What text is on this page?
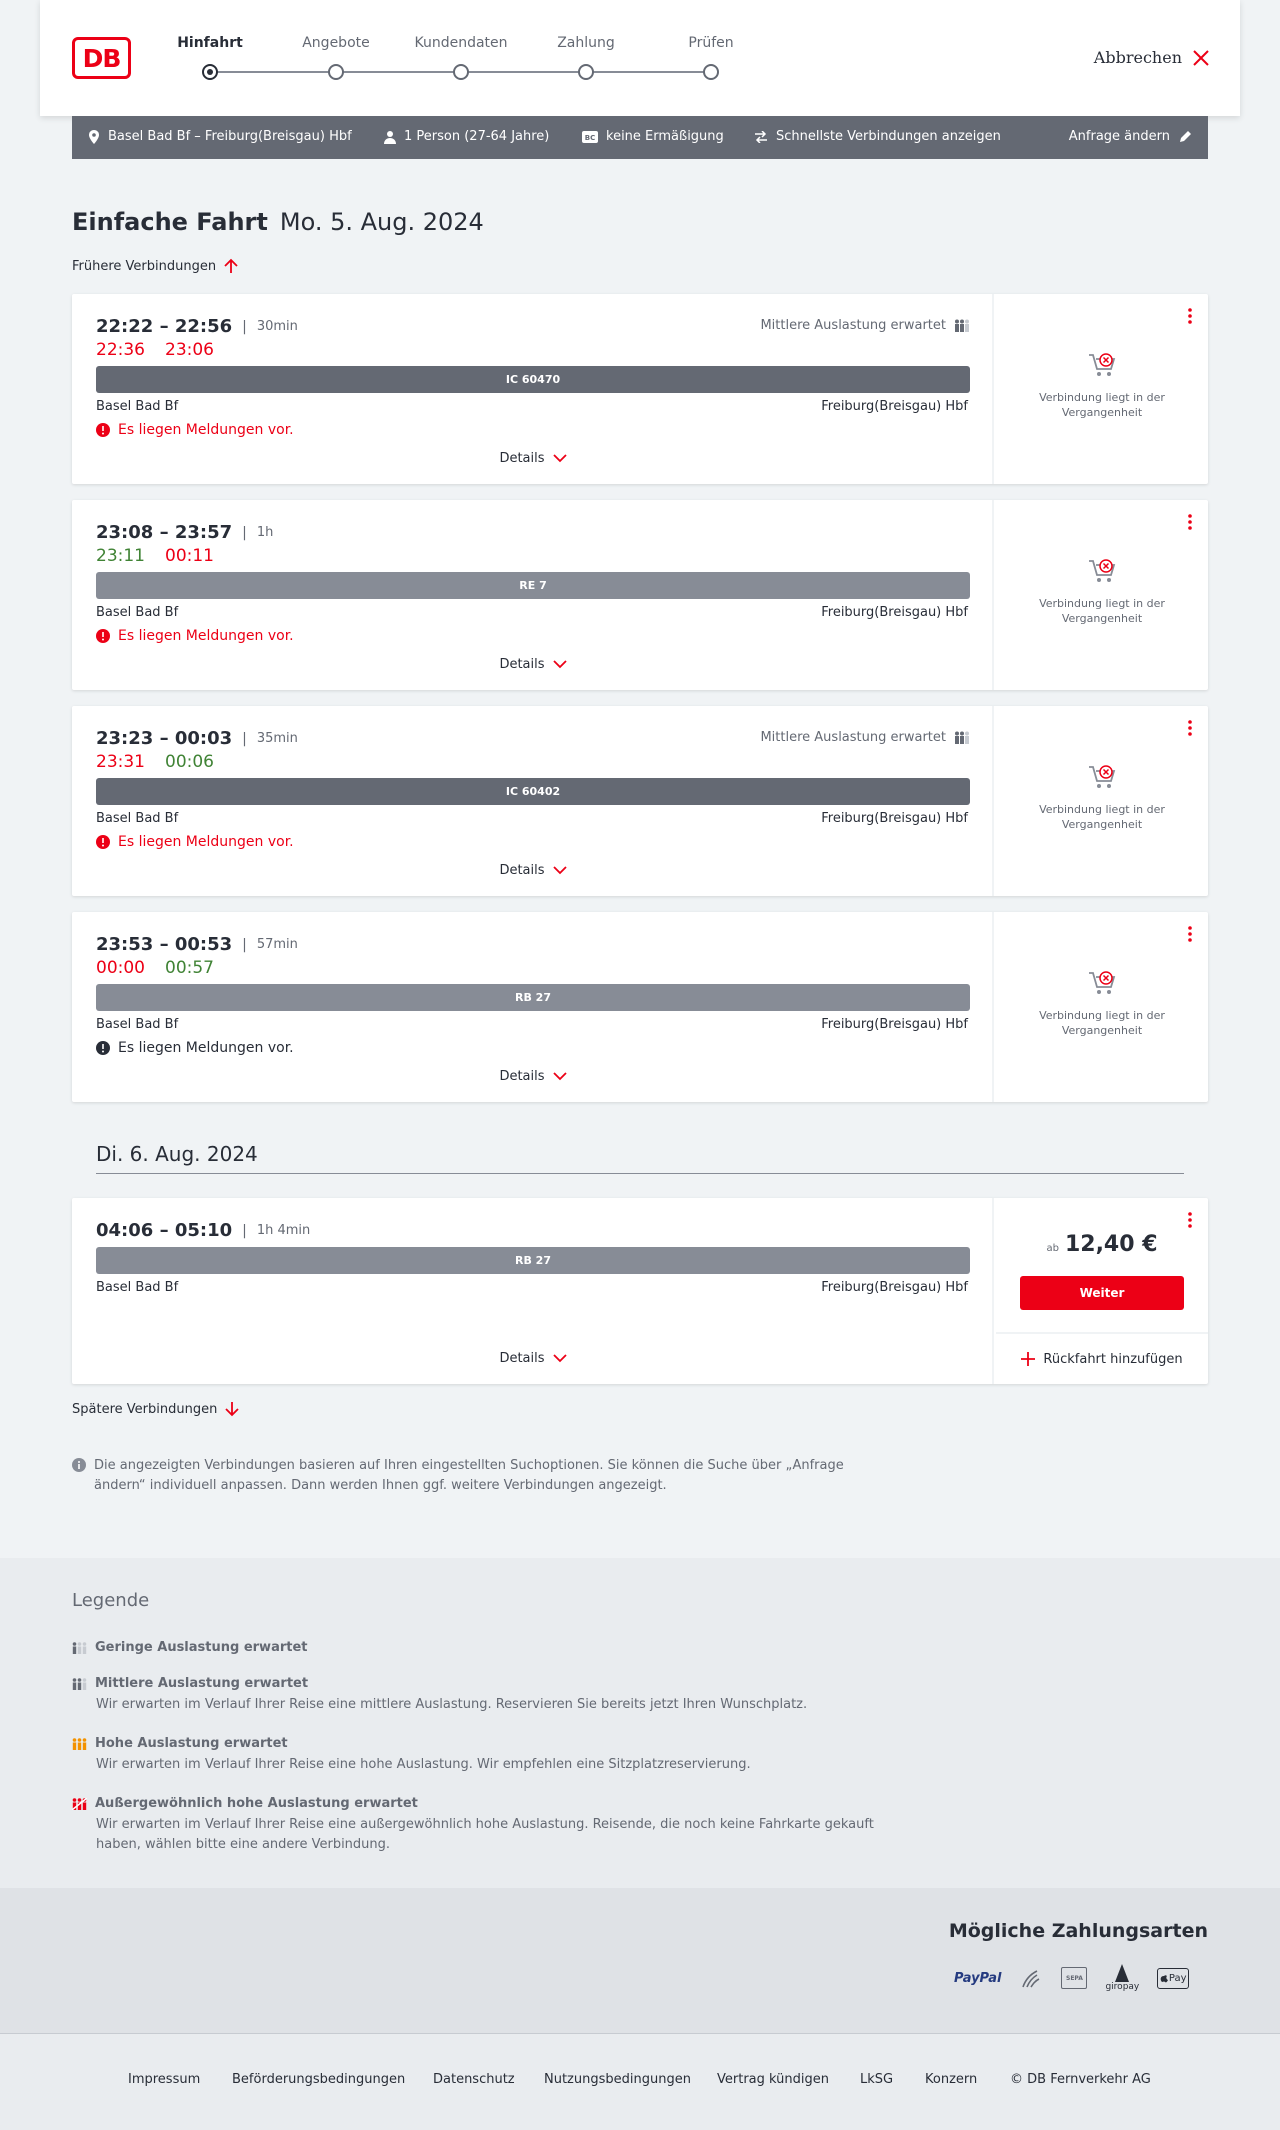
DB	Abbrechen
Hinfahrt	Angebote	Kundendaten	Zahlung	Prüfen
Basel Bad Bf – Freiburg(Breisgau) Hbf	1 Person (27-64 Jahre)	BC keine Ermäßigung	Schnellste Verbindungen anzeigen	Anfrage ändern
Einfache Fahrt Mo. 5. Aug. 2024
Frühere Verbindungen
22:22 – 22:56 | 30min
22:36 23:06
Mittlere Auslastung erwartet
IC 60470
Basel Bad Bf	Freiburg(Breisgau) Hbf
Es liegen Meldungen vor.
Details
Verbindung liegt in der Vergangenheit
23:08 – 23:57 | 1h
23:11 00:11
RE 7
Basel Bad Bf	Freiburg(Breisgau) Hbf
Es liegen Meldungen vor.
Details
Verbindung liegt in der Vergangenheit
23:23 – 00:03 | 35min
23:31 00:06
Mittlere Auslastung erwartet
IC 60402
Basel Bad Bf	Freiburg(Breisgau) Hbf
Es liegen Meldungen vor.
Details
Verbindung liegt in der Vergangenheit
23:53 – 00:53 | 57min
00:00 00:57
RB 27
Basel Bad Bf	Freiburg(Breisgau) Hbf
Es liegen Meldungen vor.
Details
Verbindung liegt in der Vergangenheit
Di. 6. Aug. 2024
04:06 – 05:10 | 1h 4min
RB 27
Basel Bad Bf	Freiburg(Breisgau) Hbf
Details
ab 12,40 €
Weiter
Rückfahrt hinzufügen
Spätere Verbindungen
Die angezeigten Verbindungen basieren auf Ihren eingestellten Suchoptionen. Sie können die Suche über „Anfrage ändern“ individuell anpassen. Dann werden Ihnen ggf. weitere Verbindungen angezeigt.
Legende
Geringe Auslastung erwartet
Mittlere Auslastung erwartet
Wir erwarten im Verlauf Ihrer Reise eine mittlere Auslastung. Reservieren Sie bereits jetzt Ihren Wunschplatz.
Hohe Auslastung erwartet
Wir erwarten im Verlauf Ihrer Reise eine hohe Auslastung. Wir empfehlen eine Sitzplatzreservierung.
Außergewöhnlich hohe Auslastung erwartet
Wir erwarten im Verlauf Ihrer Reise eine außergewöhnlich hohe Auslastung. Reisende, die noch keine Fahrkarte gekauft haben, wählen bitte eine andere Verbindung.
Mögliche Zahlungsarten
PayPal	SEPA
giropay
Pay
Impressum Beförderungsbedingungen Datenschutz Nutzungsbedingungen Vertrag kündigen LkSG Konzern	© DB Fernverkehr AG
